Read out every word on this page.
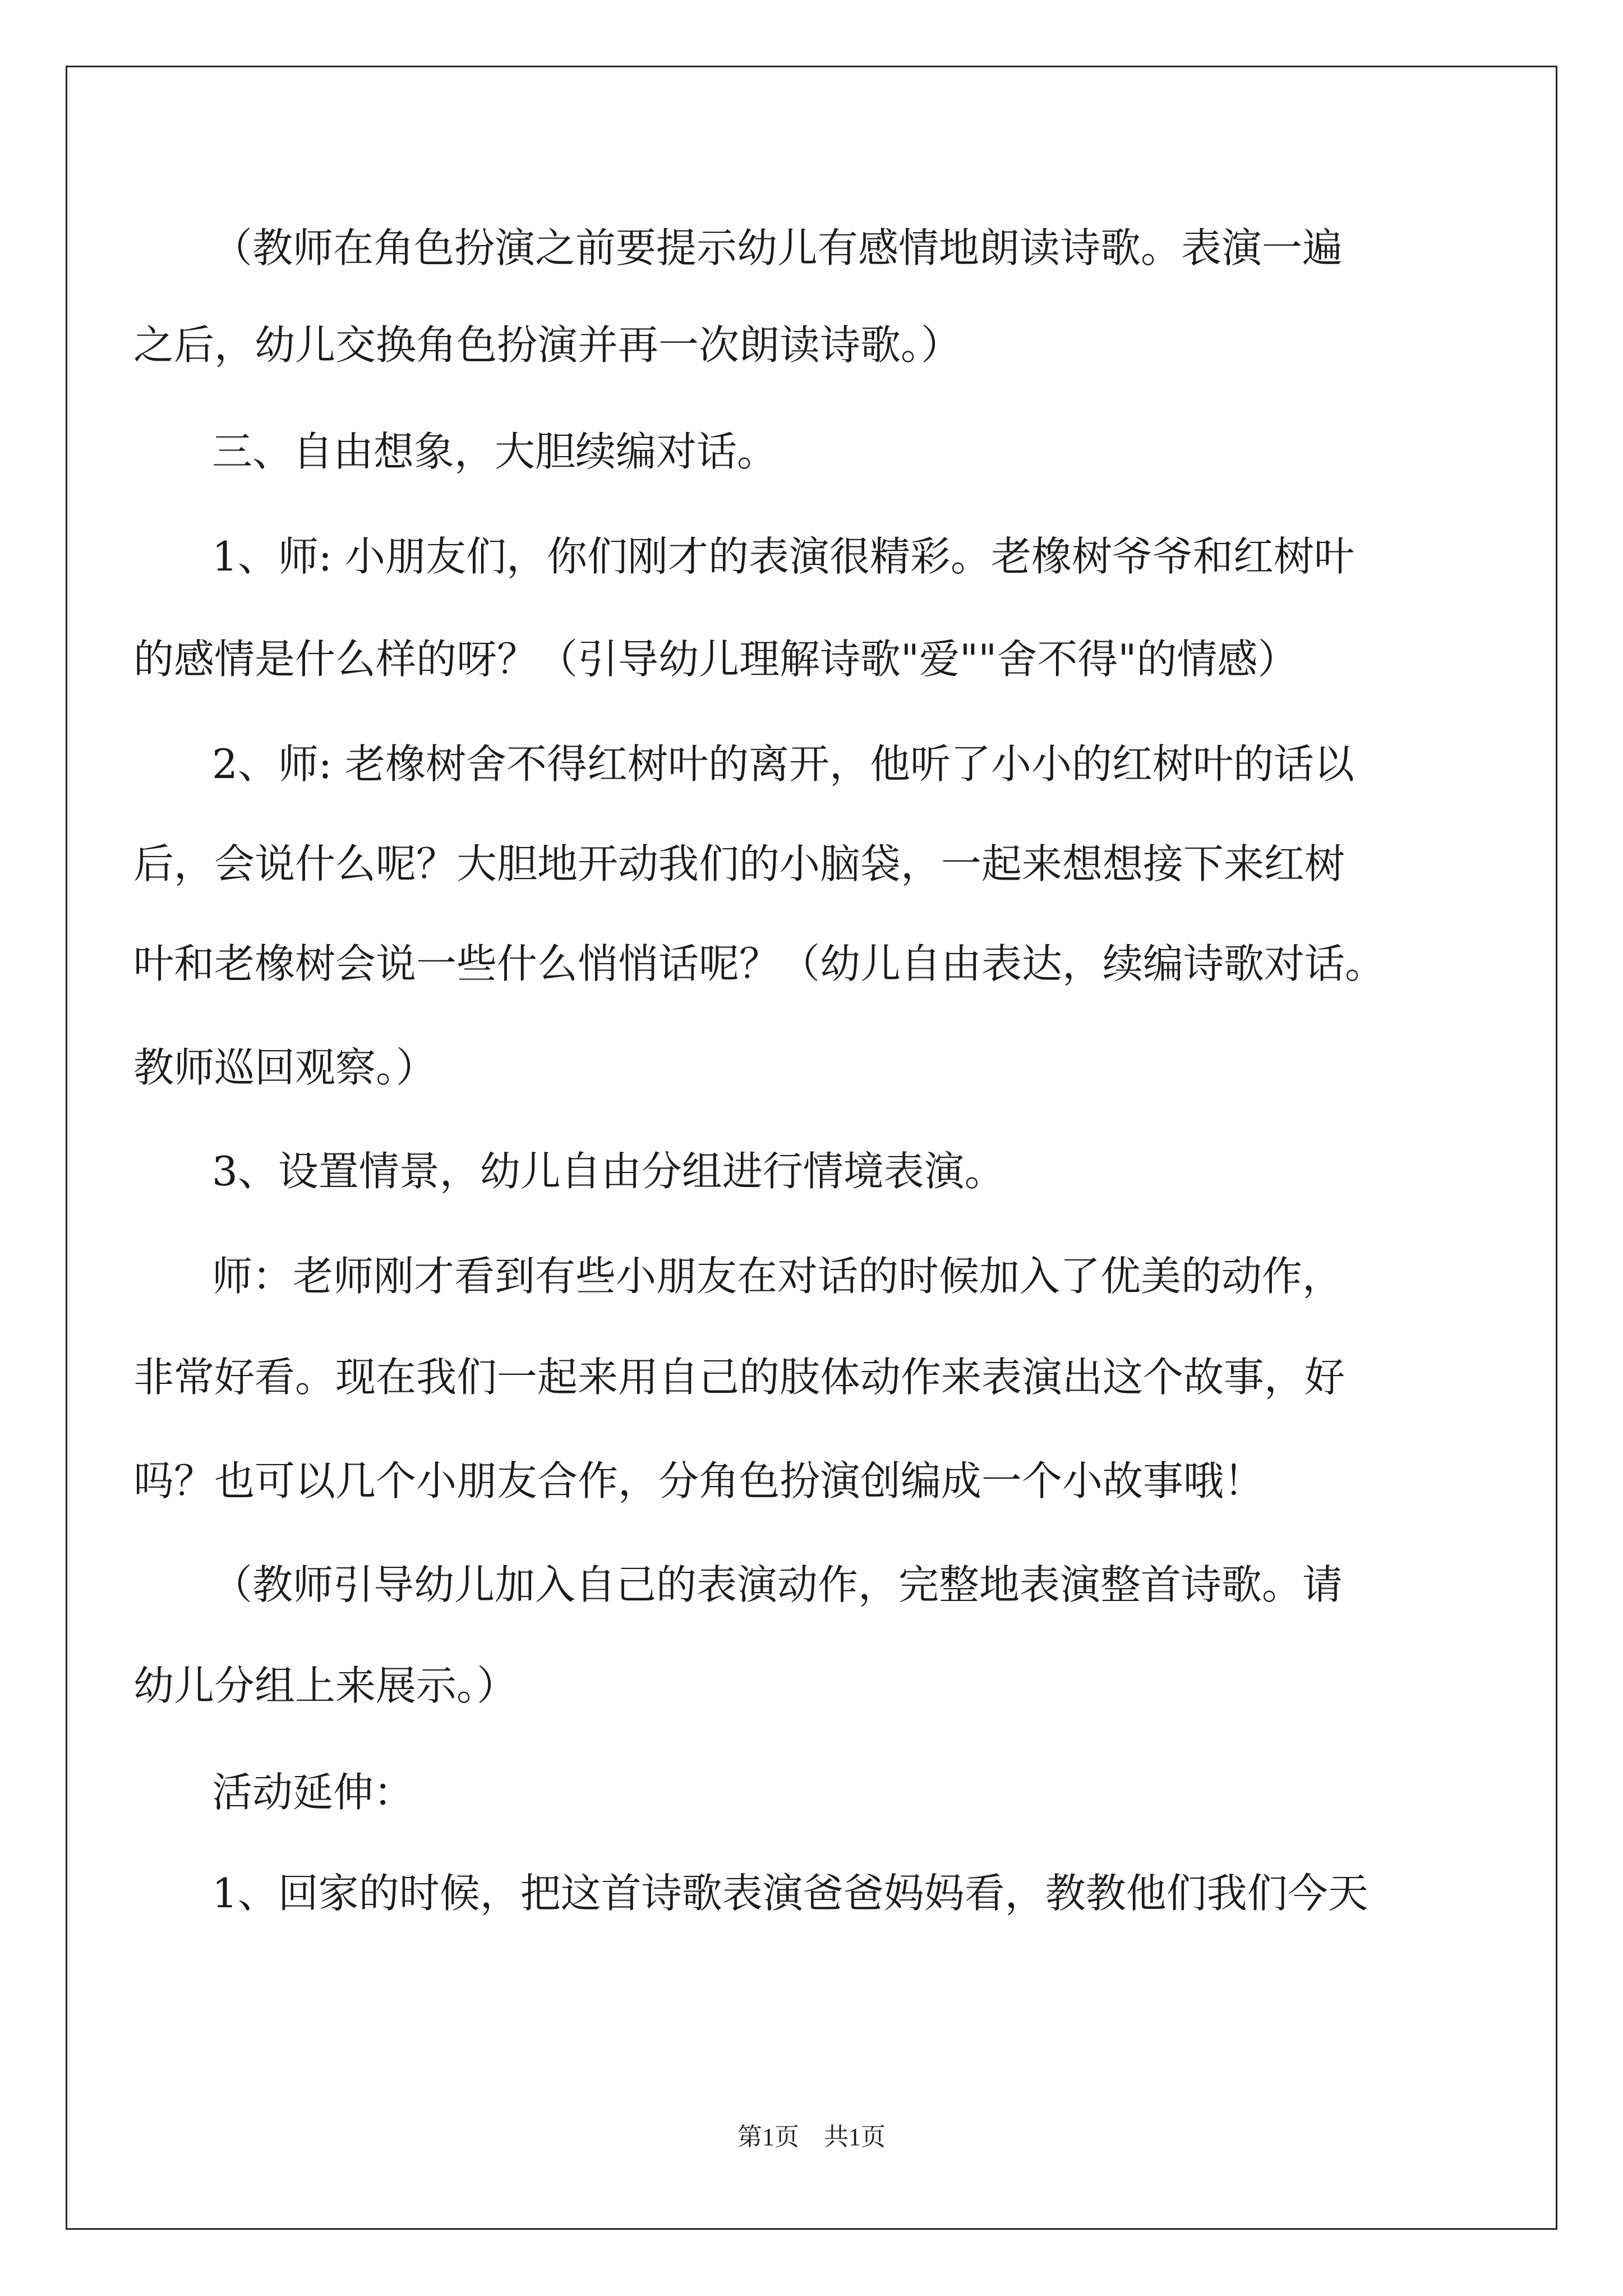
（教师在角色扮演之前要提示幼儿有感情地朗读诗歌。表演一遍
之后，幼儿交换角色扮演并再一次朗读诗歌。）
三、自由想象，大胆续编对话。
1、师: 小朋友们，你们刚才的表演很精彩。老橡树爷爷和红树叶
的感情是什么样的呀？（引导幼儿理解诗歌"爱""舍不得"的情感）
2、师: 老橡树舍不得红树叶的离开，他听了小小的红树叶的话以
后，会说什么呢？大胆地开动我们的小脑袋，一起来想想接下来红树
叶和老橡树会说一些什么悄悄话呢？（幼儿自由表达，续编诗歌对话。
教师巡回观察。）
3、设置情景，幼儿自由分组进行情境表演。
师：老师刚才看到有些小朋友在对话的时候加入了优美的动作，
非常好看。现在我们一起来用自己的肢体动作来表演出这个故事，好
吗？也可以几个小朋友合作，分角色扮演创编成一个小故事哦！
（教师引导幼儿加入自己的表演动作，完整地表演整首诗歌。请
幼儿分组上来展示。）
活动延伸：
1、回家的时候，把这首诗歌表演爸爸妈妈看，教教他们我们今天
第1页　共1页
